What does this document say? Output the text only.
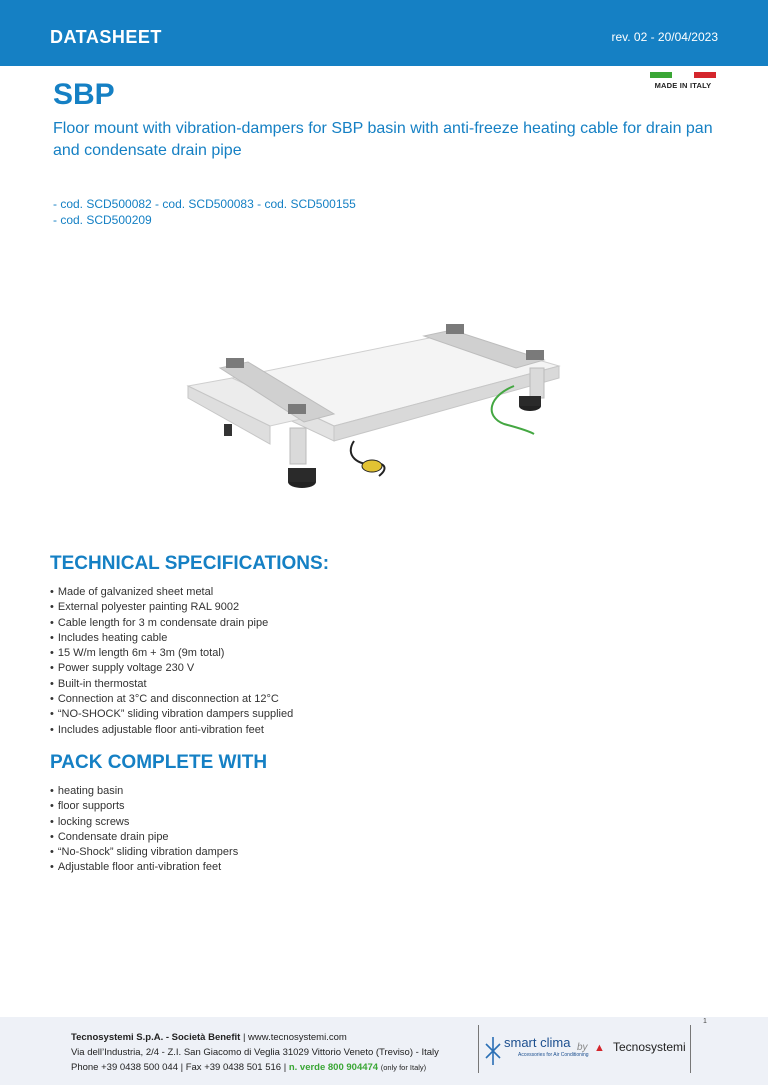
DATASHEET	rev. 02 - 20/04/2023
MADE IN ITALY
SBP
Floor mount with vibration-dampers for SBP basin with anti-freeze heating cable for drain pan and condensate drain pipe
- cod. SCD500082 - cod. SCD500083 - cod. SCD500155
- cod. SCD500209
TECHNICAL SPECIFICATIONS:
• Made of galvanized sheet metal
• External polyester painting RAL 9002
• Cable length for 3 m condensate drain pipe
• Includes heating cable
• 15 W/m length 6m + 3m (9m total)
• Power supply voltage 230 V
• Built-in thermostat
• Connection at 3°C and disconnection at 12°C
• “NO-SHOCK” sliding vibration dampers supplied
• Includes adjustable floor anti-vibration feet
PACK COMPLETE WITH
• heating basin
• floor supports
• locking screws
• Condensate drain pipe
• “No-Shock” sliding vibration dampers
• Adjustable floor anti-vibration feet
Tecnosystemi S.p.A. - Società Benefit | www.tecnosystemi.com
Via dell’Industria, 2/4 - Z.I. San Giacomo di Veglia 31029 Vittorio Veneto (Treviso) - Italy
Phone +39 0438 500 044 | Fax +39 0438 501 516 | n. verde 800 904474 (only for Italy)
smart clima
Accessories for Air Conditioning
by ▲ Tecnosystemi
1
